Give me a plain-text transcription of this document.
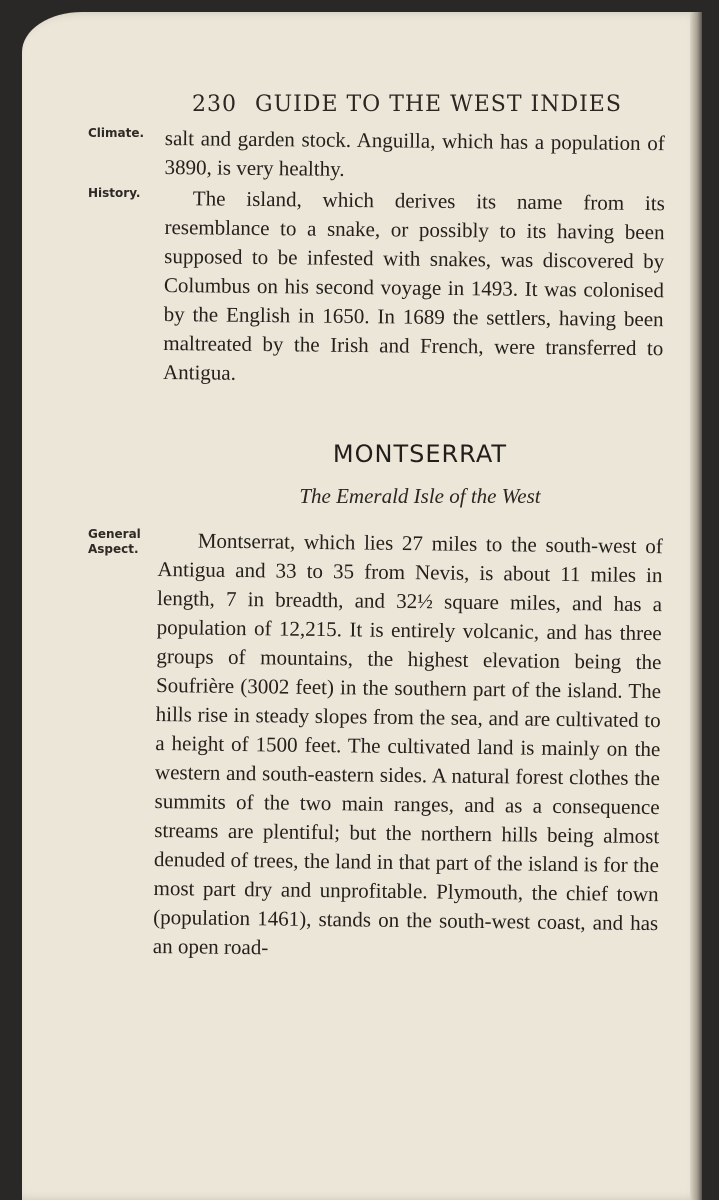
230 GUIDE TO THE WEST INDIES
Climate.
History.
General
Aspect.

salt and garden stock. Anguilla, which has a population of 3890, is very healthy.

The island, which derives its name from its resemblance to a snake, or possibly to its having been supposed to be infested with snakes, was discovered by Columbus on his second voyage in 1493. It was colonised by the English in 1650. In 1689 the settlers, having been maltreated by the Irish and French, were transferred to Antigua.

MONTSERRAT
The Emerald Isle of the West

Montserrat, which lies 27 miles to the south-west of Antigua and 33 to 35 from Nevis, is about 11 miles in length, 7 in breadth, and 32½ square miles, and has a population of 12,215. It is entirely volcanic, and has three groups of mountains, the highest elevation being the Soufrière (3002 feet) in the southern part of the island. The hills rise in steady slopes from the sea, and are cultivated to a height of 1500 feet. The cultivated land is mainly on the western and south-eastern sides. A natural forest clothes the summits of the two main ranges, and as a consequence streams are plentiful; but the northern hills being almost denuded of trees, the land in that part of the island is for the most part dry and unprofitable. Plymouth, the chief town (population 1461), stands on the south-west coast, and has an open road-
